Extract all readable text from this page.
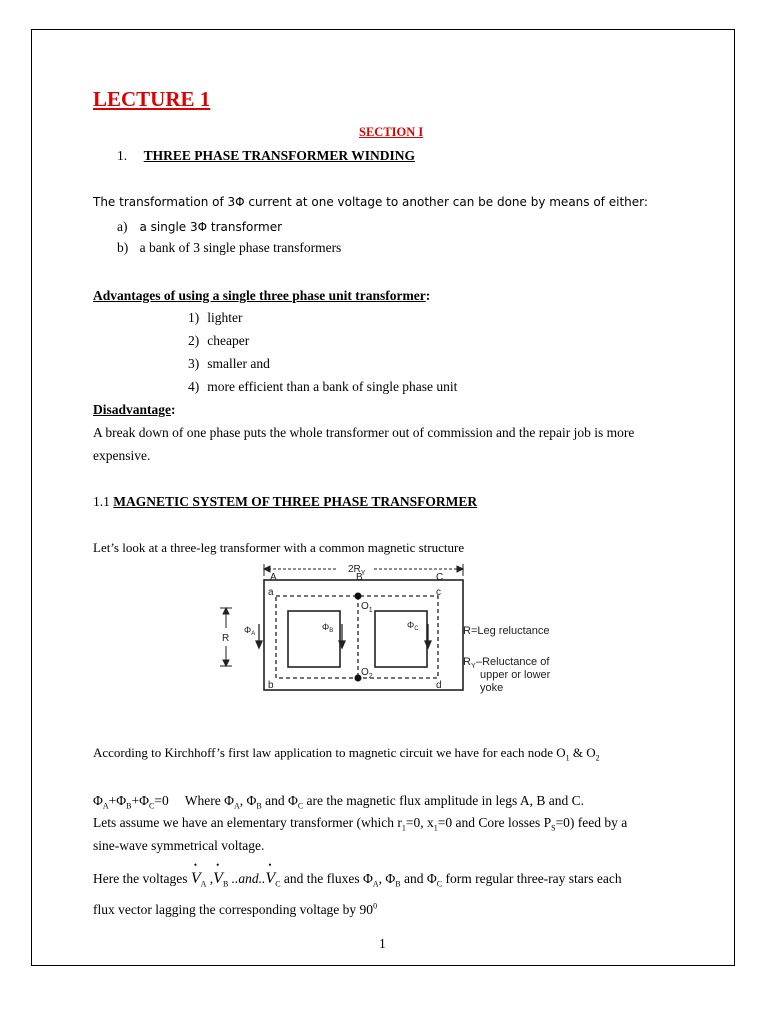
LECTURE 1
SECTION I
1. THREE PHASE TRANSFORMER WINDING
The transformation of 3Φ current at one voltage to another can be done by means of either:
a) a single 3Φ transformer
b) a bank of 3 single phase transformers
Advantages of using a single three phase unit transformer:
1) lighter
2) cheaper
3) smaller and
4) more efficient than a bank of single phase unit
Disadvantage:
A break down of one phase puts the whole transformer out of commission and the repair job is more
expensive.
1.1 MAGNETIC SYSTEM OF THREE PHASE TRANSFORMER
Let’s look at a three-leg transformer with a common magnetic structure
$2R_Y$
A	B	C
a
b
c
d
$O_1$
$O_2$
$\Phi_A$
$\Phi_B$
$\Phi_C$
R
R=Leg reluctance
$R_Y$ –Reluctance of
upper or lower
yoke
According to Kirchhoff’s first law application to magnetic circuit we have for each node $O_1$ & $O_2$
$\Phi_A+\Phi_B+\Phi_C=0$ Where $\Phi_A$, $\Phi_B$ and $\Phi_C$ are the magnetic flux amplitude in legs A, B and C.
Lets assume we have an elementary transformer (which $r_1=0$, $x_1=0$ and Core losses $P_S=0$) feed by a
sine-wave symmetrical voltage.
Here the voltages • $V_A$ ,• $V_B$ ..and..• $V_C$ and the fluxes $\Phi_A$, $\Phi_B$ and $\Phi_C$ form regular three-ray stars each
flux vector lagging the corresponding voltage by $90^0$
1
